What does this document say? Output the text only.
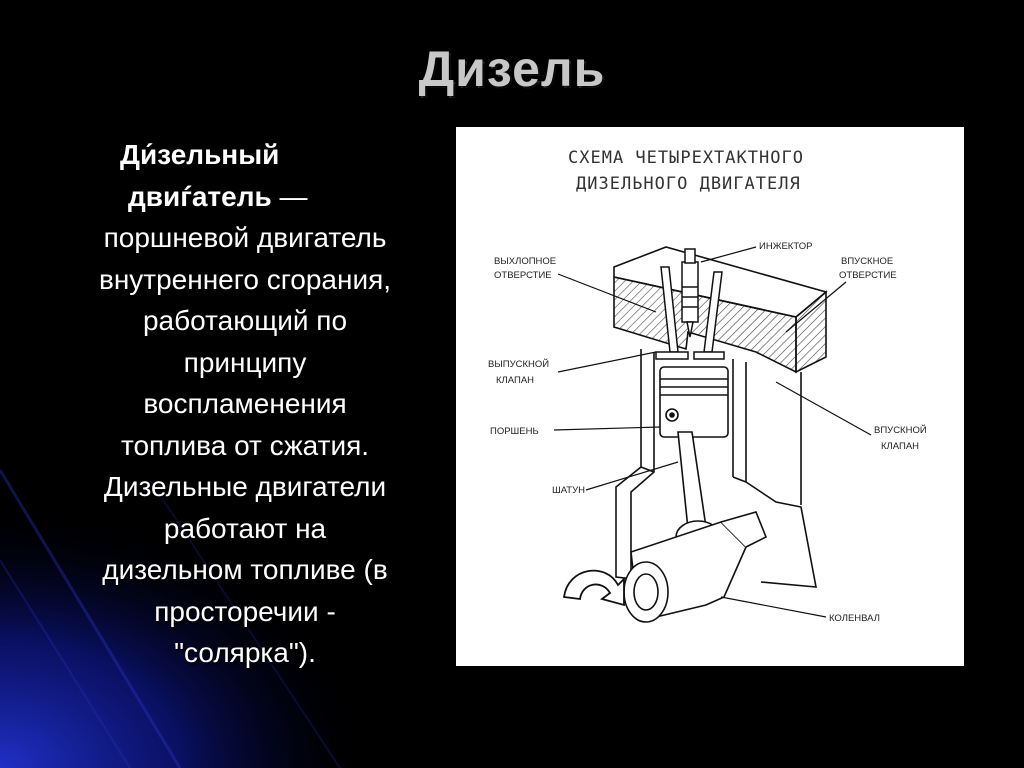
Дизель
Ди́зельный
двиѓатель —
поршневой двигатель
внутреннего сгорания,
работающий по
принципу
воспламенения
топлива от сжатия.
Дизельные двигатели
работают на
дизельном топливе (в
просторечии -
"солярка").
СХЕМА ЧЕТЫРЕХТАКТНОГО
ДИЗЕЛЬНОГО ДВИГАТЕЛЯ
ИНЖЕКТОР
ВЫХЛОПНОЕ
ОТВЕРСТИЕ
ВПУСКНОЕ
ОТВЕРСТИЕ
ВЫПУСКНОЙ
КЛАПАН
ПОРШЕНЬ	ВПУСКНОЙ
КЛАПАН
ШАТУН
КОЛЕНВАЛ
